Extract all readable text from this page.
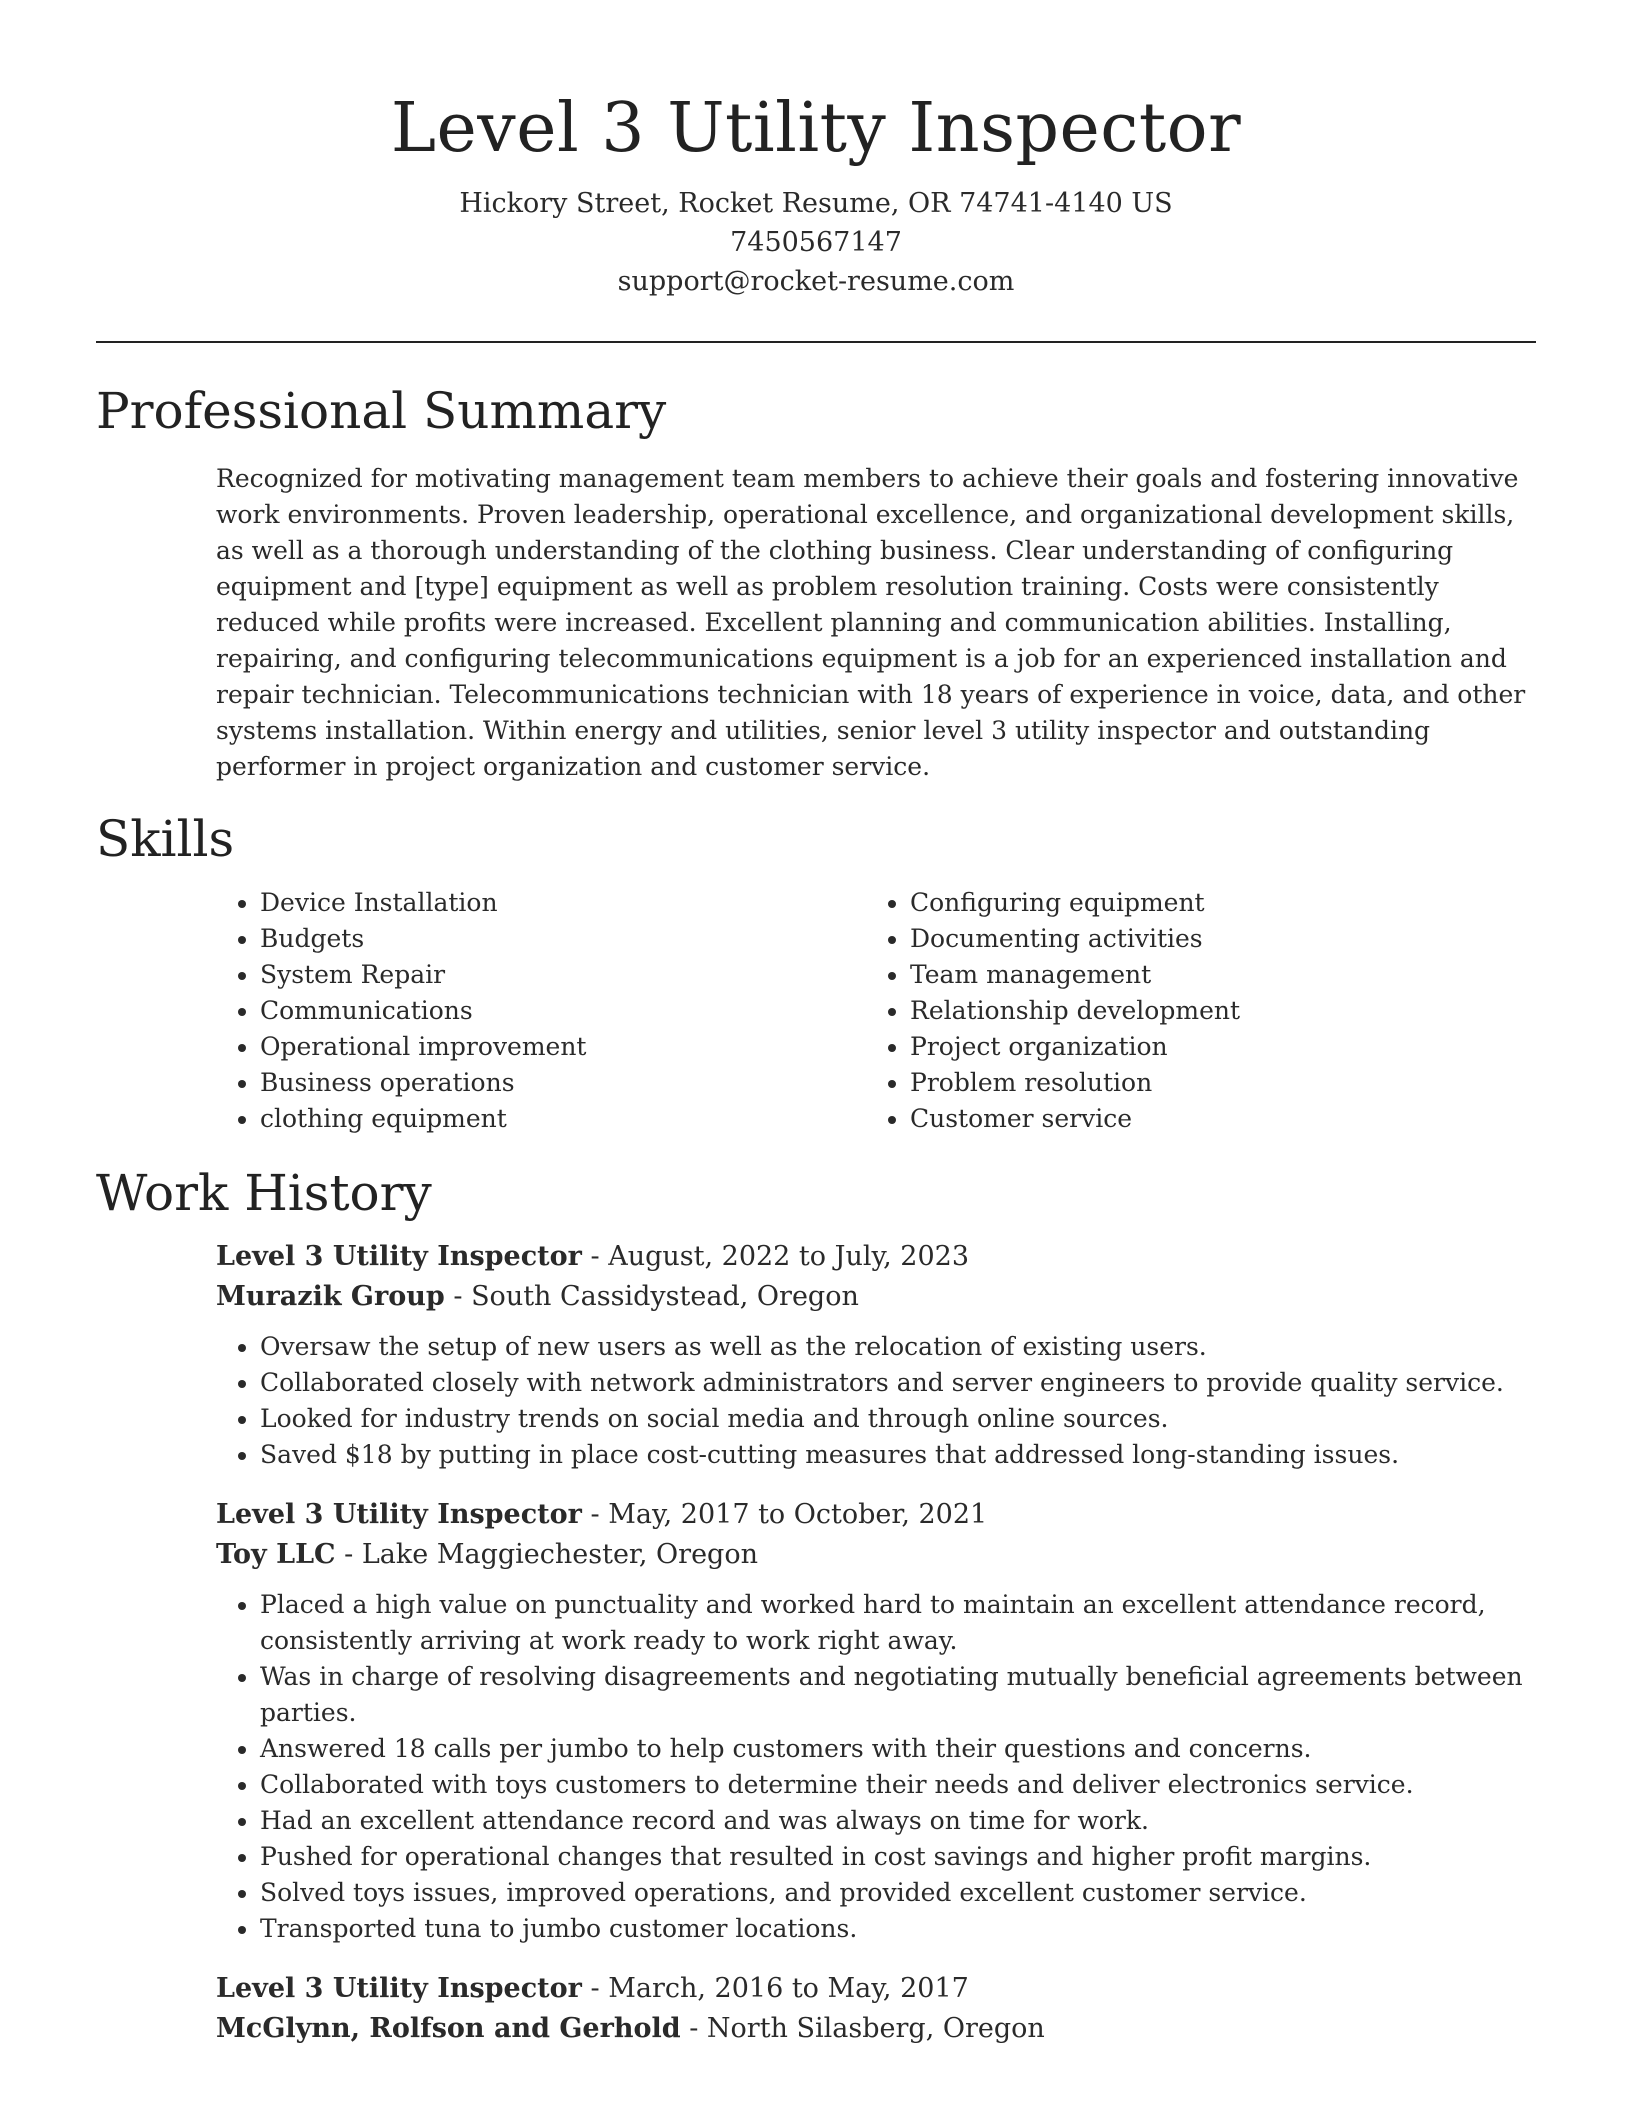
Level 3 Utility Inspector
Hickory Street, Rocket Resume, OR 74741-4140 US
7450567147
support@rocket-resume.com
Professional Summary
Recognized for motivating management team members to achieve their goals and fostering innovative work environments. Proven leadership, operational excellence, and organizational development skills, as well as a thorough understanding of the clothing business. Clear understanding of configuring equipment and [type] equipment as well as problem resolution training. Costs were consistently reduced while profits were increased. Excellent planning and communication abilities. Installing, repairing, and configuring telecommunications equipment is a job for an experienced installation and repair technician. Telecommunications technician with 18 years of experience in voice, data, and other systems installation. Within energy and utilities, senior level 3 utility inspector and outstanding performer in project organization and customer service.
Skills
• Device Installation
• Budgets
• System Repair
• Communications
• Operational improvement
• Business operations
• clothing equipment
• Configuring equipment
• Documenting activities
• Team management
• Relationship development
• Project organization
• Problem resolution
• Customer service
Work History
Level 3 Utility Inspector - August, 2022 to July, 2023
Murazik Group - South Cassidystead, Oregon
• Oversaw the setup of new users as well as the relocation of existing users.
• Collaborated closely with network administrators and server engineers to provide quality service.
• Looked for industry trends on social media and through online sources.
• Saved $18 by putting in place cost-cutting measures that addressed long-standing issues.
Level 3 Utility Inspector - May, 2017 to October, 2021
Toy LLC - Lake Maggiechester, Oregon
• Placed a high value on punctuality and worked hard to maintain an excellent attendance record, consistently arriving at work ready to work right away.
• Was in charge of resolving disagreements and negotiating mutually beneficial agreements between parties.
• Answered 18 calls per jumbo to help customers with their questions and concerns.
• Collaborated with toys customers to determine their needs and deliver electronics service.
• Had an excellent attendance record and was always on time for work.
• Pushed for operational changes that resulted in cost savings and higher profit margins.
• Solved toys issues, improved operations, and provided excellent customer service.
• Transported tuna to jumbo customer locations.
Level 3 Utility Inspector - March, 2016 to May, 2017
McGlynn, Rolfson and Gerhold - North Silasberg, Oregon
